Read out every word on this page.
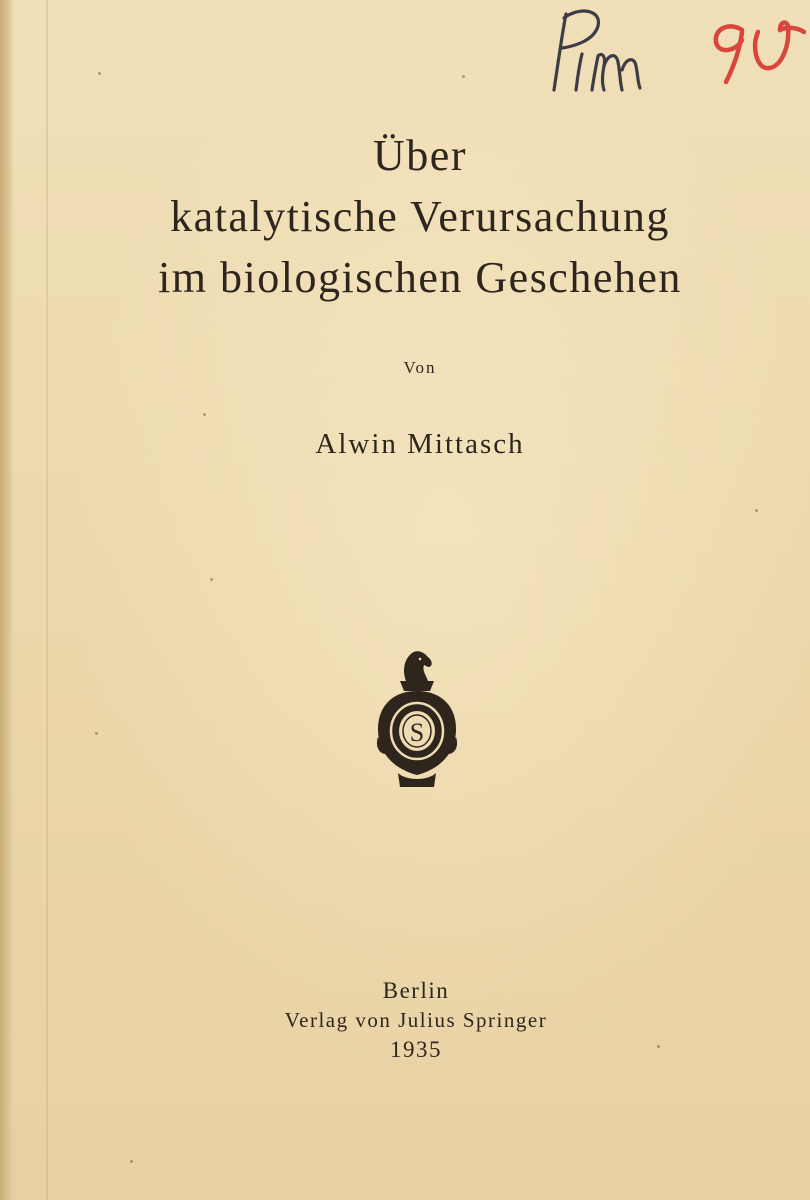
Über
katalytische Verursachung
im biologischen Geschehen
Von
Alwin Mittasch
S
Berlin
Verlag von Julius Springer
1935
